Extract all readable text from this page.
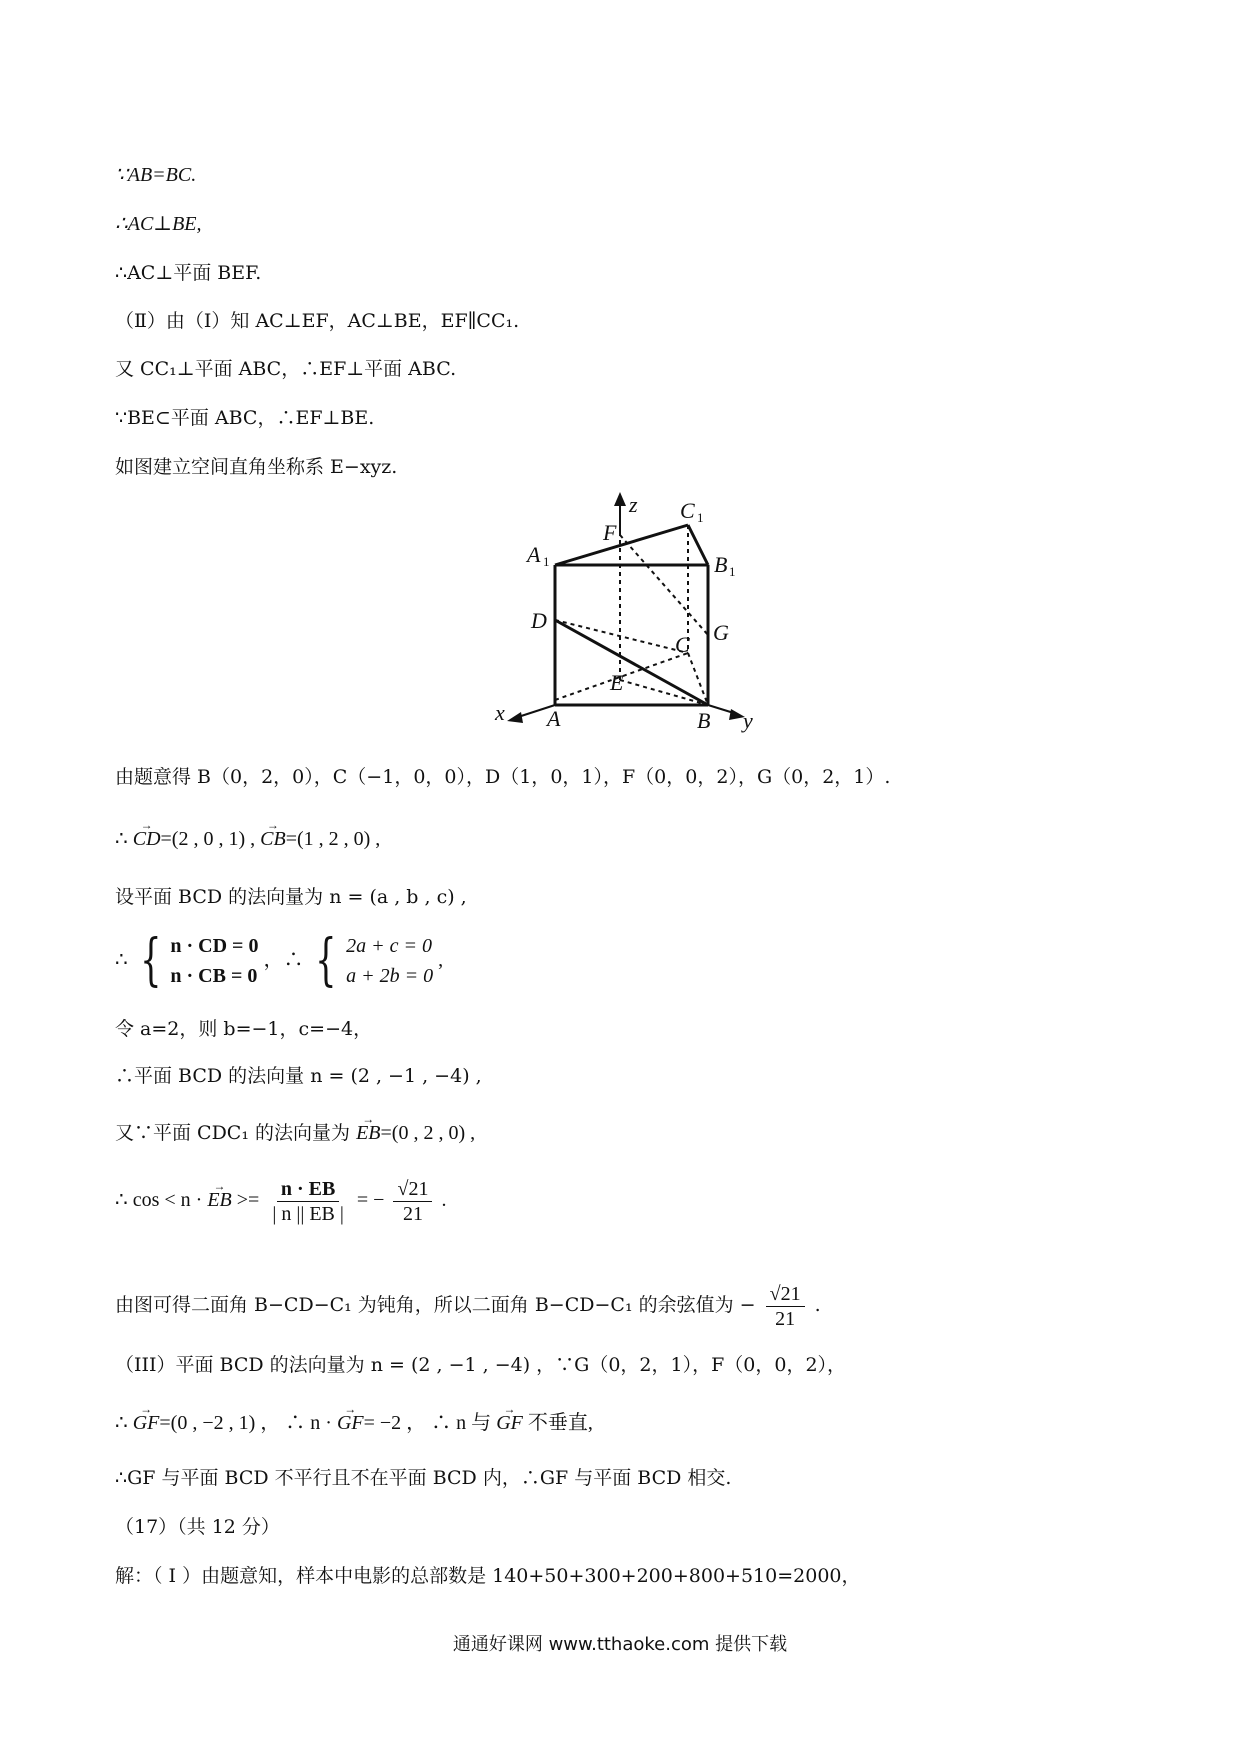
∵AB=BC.
∴AC⊥BE,
∴AC⊥平面 BEF.
（Ⅱ）由（I）知 AC⊥EF，AC⊥BE，EF∥CC₁.
又 CC₁⊥平面 ABC，∴EF⊥平面 ABC.
∵BE⊂平面 ABC，∴EF⊥BE.
如图建立空间直角坐称系 E−xyz.
z C 1
F
A 1	B 1
D	G
C
E
x A	B y
由题意得 B（0，2，0），C（−1，0，0），D（1，0，1），F（0，0，2），G（0，2，1）.
∴ → CD=(2 , 0 , 1) , → CB=(1 , 2 , 0) ,
设平面 BCD 的法向量为 n = (a , b , c) ,
∴ { n · CD = 0
n · CB = 0
，∴ { 2a + c = 0
a + 2b = 0
,
令 a=2，则 b=−1，c=−4，
∴平面 BCD 的法向量 n = (2 , −1 , −4) ,
又∵平面 CDC₁ 的法向量为 → EB=(0 , 2 , 0) ,
∴ cos < n · → EB >= $\frac{n \cdot EB}{| n || EB |}$ = − $\frac{√21}{21}$ .
由图可得二面角 B−CD−C₁ 为钝角，所以二面角 B−CD−C₁ 的余弦值为 − $\frac{√21}{21}$ .
（III）平面 BCD 的法向量为 n = (2 , −1 , −4) ，∵G（0，2，1），F（0，0，2），
∴ → GF=(0 , −2 , 1) ， ∴ n · → GF= −2 ， ∴ n 与 → GF 不垂直,
∴GF 与平面 BCD 不平行且不在平面 BCD 内，∴GF 与平面 BCD 相交.
（17）（共 12 分）
解：（ I ）由题意知，样本中电影的总部数是 140+50+300+200+800+510=2000，
通通好课网 www.tthaoke.com 提供下载
